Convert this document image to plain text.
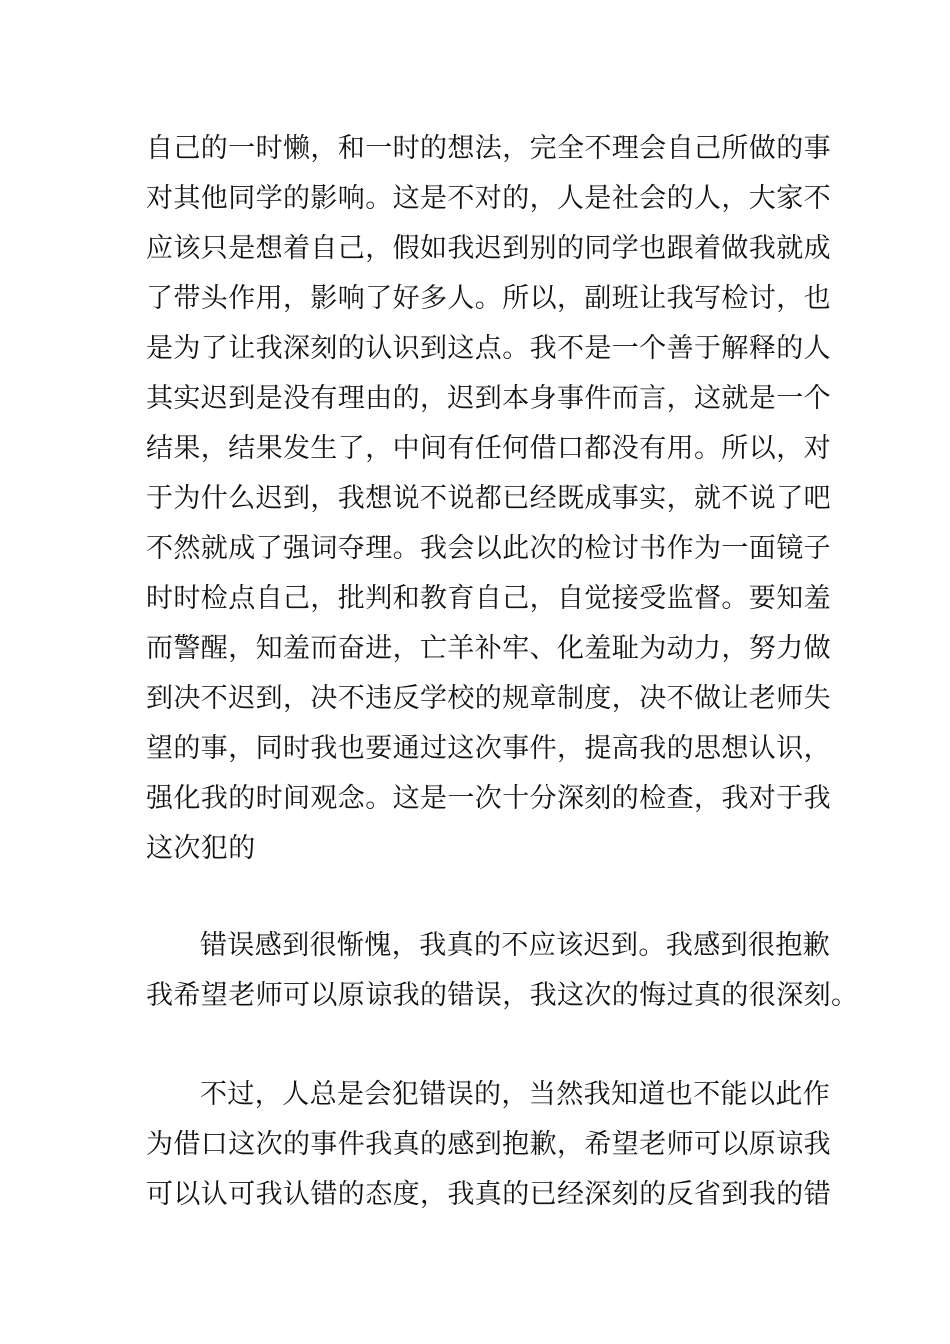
自己的一时懒，和一时的想法，完全不理会自己所做的事
对其他同学的影响。这是不对的，人是社会的人，大家不
应该只是想着自己，假如我迟到别的同学也跟着做我就成
了带头作用，影响了好多人。所以，副班让我写检讨，也
是为了让我深刻的认识到这点。我不是一个善于解释的人
其实迟到是没有理由的，迟到本身事件而言，这就是一个
结果，结果发生了，中间有任何借口都没有用。所以，对
于为什么迟到，我想说不说都已经既成事实，就不说了吧
不然就成了强词夺理。我会以此次的检讨书作为一面镜子
时时检点自己，批判和教育自己，自觉接受监督。要知羞
而警醒，知羞而奋进，亡羊补牢、化羞耻为动力，努力做
到决不迟到，决不违反学校的规章制度，决不做让老师失
望的事，同时我也要通过这次事件，提高我的思想认识，
强化我的时间观念。这是一次十分深刻的检查，我对于我
这次犯的
错误感到很惭愧，我真的不应该迟到。我感到很抱歉
我希望老师可以原谅我的错误，我这次的悔过真的很深刻。
不过，人总是会犯错误的，当然我知道也不能以此作
为借口这次的事件我真的感到抱歉，希望老师可以原谅我
可以认可我认错的态度，我真的已经深刻的反省到我的错
